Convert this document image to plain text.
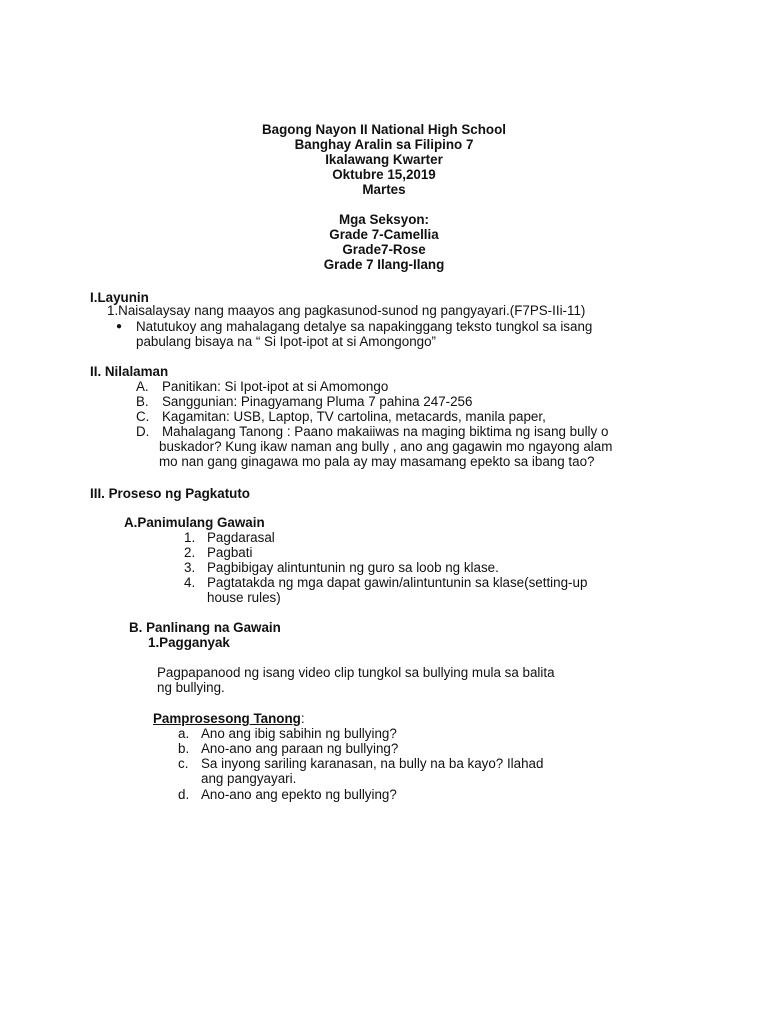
Bagong Nayon II National High School
Banghay Aralin sa Filipino 7
Ikalawang Kwarter
Oktubre 15,2019
Martes
Mga Seksyon:
Grade 7-Camellia
Grade7-Rose
Grade 7 Ilang-Ilang
I.Layunin
1.Naisalaysay nang maayos ang pagkasunod-sunod ng pangyayari.(F7PS-IIi-11)
● Natutukoy ang mahalagang detalye sa napakinggang teksto tungkol sa isang
pabulang bisaya na “ Si Ipot-ipot at si Amongongo”
II. Nilalaman
A. Panitikan: Si Ipot-ipot at si Amomongo
B. Sanggunian: Pinagyamang Pluma 7 pahina 247-256
C. Kagamitan: USB, Laptop, TV cartolina, metacards, manila paper,
D. Mahalagang Tanong : Paano makaiiwas na maging biktima ng isang bully o
buskador? Kung ikaw naman ang bully , ano ang gagawin mo ngayong alam
mo nan gang ginagawa mo pala ay may masamang epekto sa ibang tao?
III. Proseso ng Pagkatuto
A.Panimulang Gawain
1. Pagdarasal
2. Pagbati
3. Pagbibigay alintuntunin ng guro sa loob ng klase.
4. Pagtatakda ng mga dapat gawin/alintuntunin sa klase(setting-up
house rules)
B. Panlinang na Gawain
1.Pagganyak
Pagpapanood ng isang video clip tungkol sa bullying mula sa balita
ng bullying.
Pamprosesong Tanong:
a. Ano ang ibig sabihin ng bullying?
b. Ano-ano ang paraan ng bullying?
c. Sa inyong sariling karanasan, na bully na ba kayo? Ilahad
ang pangyayari.
d. Ano-ano ang epekto ng bullying?
